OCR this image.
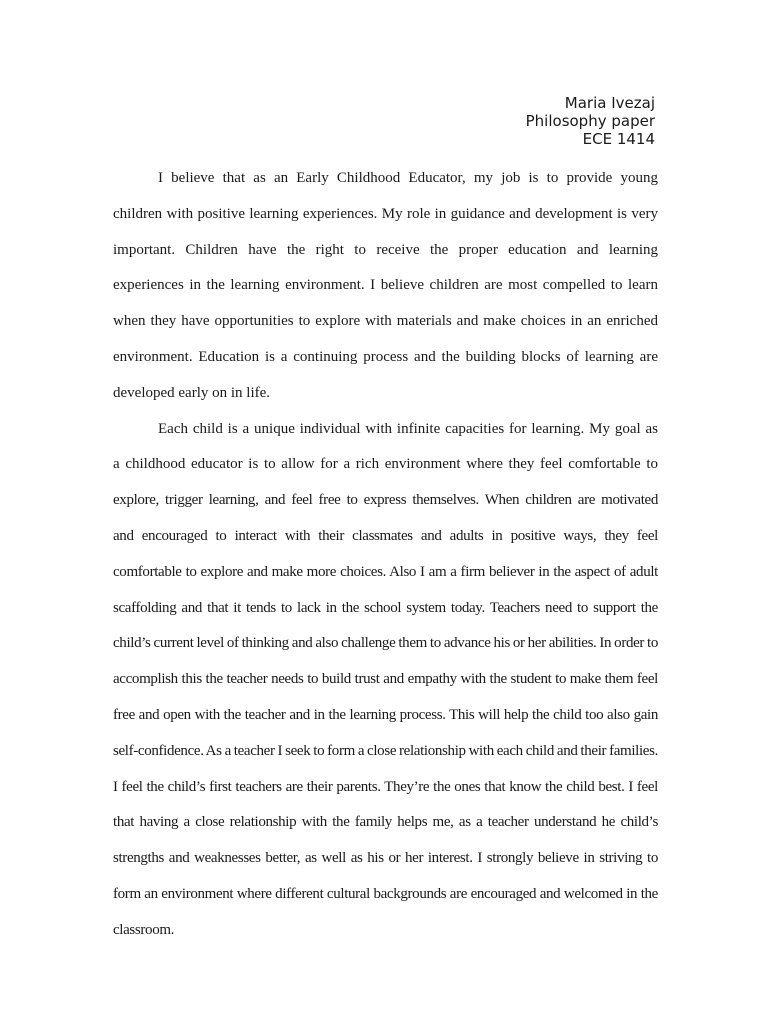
Maria Ivezaj
Philosophy paper
ECE 1414
I believe that as an Early Childhood Educator, my job is to provide young
children with positive learning experiences. My role in guidance and development is very
important. Children have the right to receive the proper education and learning
experiences in the learning environment. I believe children are most compelled to learn
when they have opportunities to explore with materials and make choices in an enriched
environment. Education is a continuing process and the building blocks of learning are
developed early on in life.
Each child is a unique individual with infinite capacities for learning. My goal as
a childhood educator is to allow for a rich environment where they feel comfortable to
explore, trigger learning, and feel free to express themselves. When children are motivated
and encouraged to interact with their classmates and adults in positive ways, they feel
comfortable to explore and make more choices. Also I am a firm believer in the aspect of adult
scaffolding and that it tends to lack in the school system today. Teachers need to support the
child’s current level of thinking and also challenge them to advance his or her abilities. In order to
accomplish this the teacher needs to build trust and empathy with the student to make them feel
free and open with the teacher and in the learning process. This will help the child too also gain
self-confidence. As a teacher I seek to form a close relationship with each child and their families.
I feel the child’s first teachers are their parents. They’re the ones that know the child best. I feel
that having a close relationship with the family helps me, as a teacher understand he child’s
strengths and weaknesses better, as well as his or her interest. I strongly believe in striving to
form an environment where different cultural backgrounds are encouraged and welcomed in the
classroom.
